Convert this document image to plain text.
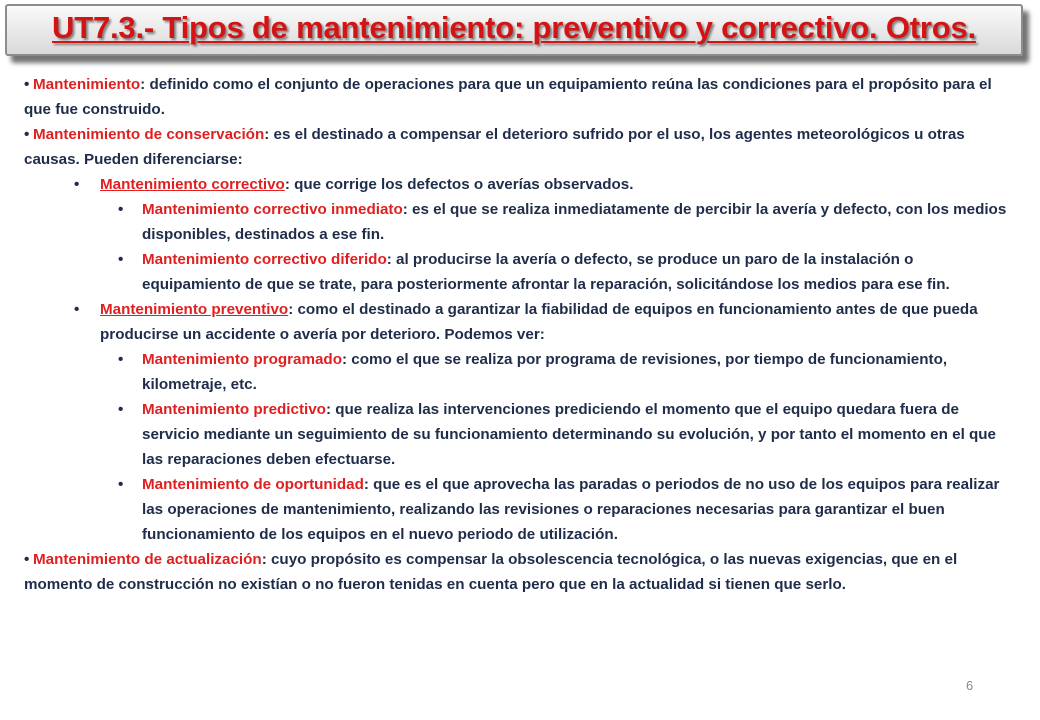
UT7.3.- Tipos de mantenimiento: preventivo y correctivo. Otros.
• Mantenimiento: definido como el conjunto de operaciones para que un equipamiento reúna las condiciones para el propósito para el que fue construido.
• Mantenimiento de conservación: es el destinado a compensar el deterioro sufrido por el uso, los agentes meteorológicos u otras causas. Pueden diferenciarse:
• Mantenimiento correctivo: que corrige los defectos o averías observados.
• Mantenimiento correctivo inmediato: es el que se realiza inmediatamente de percibir la avería y defecto, con los medios disponibles, destinados a ese fin.
• Mantenimiento correctivo diferido: al producirse la avería o defecto, se produce un paro de la instalación o equipamiento de que se trate, para posteriormente afrontar la reparación, solicitándose los medios para ese fin.
• Mantenimiento preventivo: como el destinado a garantizar la fiabilidad de equipos en funcionamiento antes de que pueda producirse un accidente o avería por deterioro. Podemos ver:
• Mantenimiento programado: como el que se realiza por programa de revisiones, por tiempo de funcionamiento, kilometraje, etc.
• Mantenimiento predictivo: que realiza las intervenciones prediciendo el momento que el equipo quedara fuera de servicio mediante un seguimiento de su funcionamiento determinando su evolución, y por tanto el momento en el que las reparaciones deben efectuarse.
• Mantenimiento de oportunidad: que es el que aprovecha las paradas o periodos de no uso de los equipos para realizar las operaciones de mantenimiento, realizando las revisiones o reparaciones necesarias para garantizar el buen funcionamiento de los equipos en el nuevo periodo de utilización.
• Mantenimiento de actualización: cuyo propósito es compensar la obsolescencia tecnológica, o las nuevas exigencias, que en el momento de construcción no existían o no fueron tenidas en cuenta pero que en la actualidad si tienen que serlo.
6
